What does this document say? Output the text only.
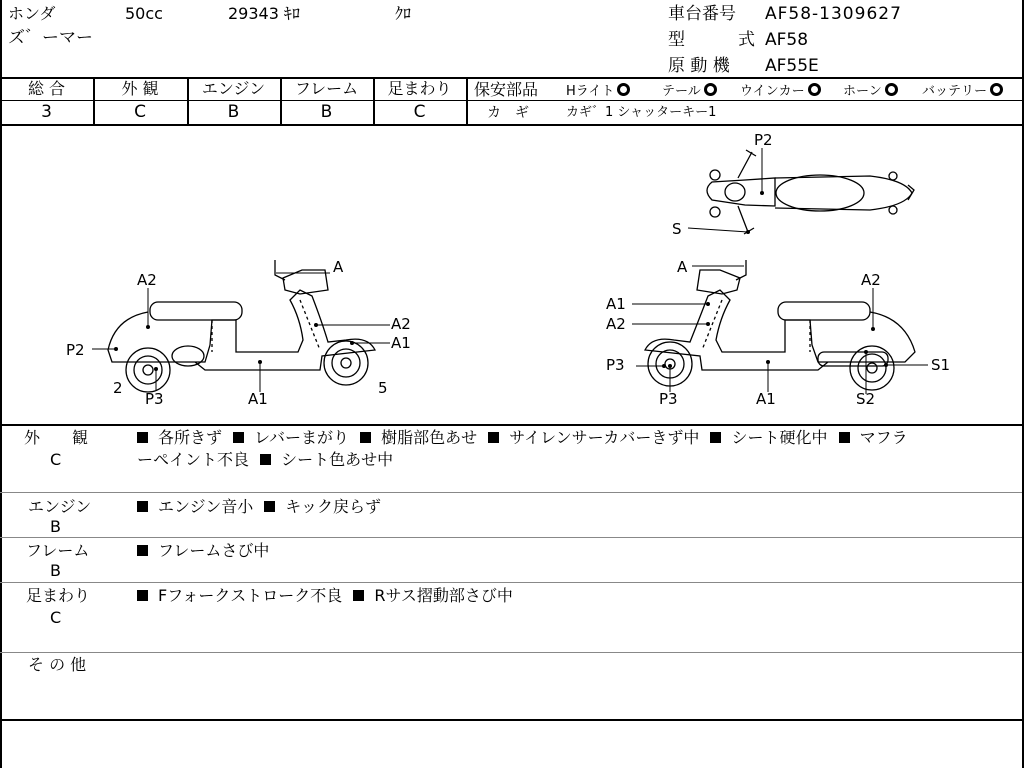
ホンダ	50cc	29343 ｷﾛ	ｸﾛ
ズ゛ーマー
車台番号 AF58-1309627
型	式 AF58
原 動 機 AF55E
総 合	外 観	エンジン	フレーム	足まわり
3	C	B	B	C
保安部品 Hライト	テール	ウインカー	ホーン	バッテリー
カ　ギ	カギ゛1 シャッターキー1
P2
S
A
A2
A2
A1
P2
2
P3	A1
5
A
A2
A1
A2
P3
P3	A1
S1
S2
外　　観
C
各所きず レバーまがり 樹脂部色あせ サイレンサーカバーきず中 シート硬化中 マフラ
ーペイント不良 シート色あせ中
エンジン
B
エンジン音小 キック戻らず
フレーム
B
フレームさび中
足まわり
C
Fフォークストローク不良 Rサス摺動部さび中
そ の 他
